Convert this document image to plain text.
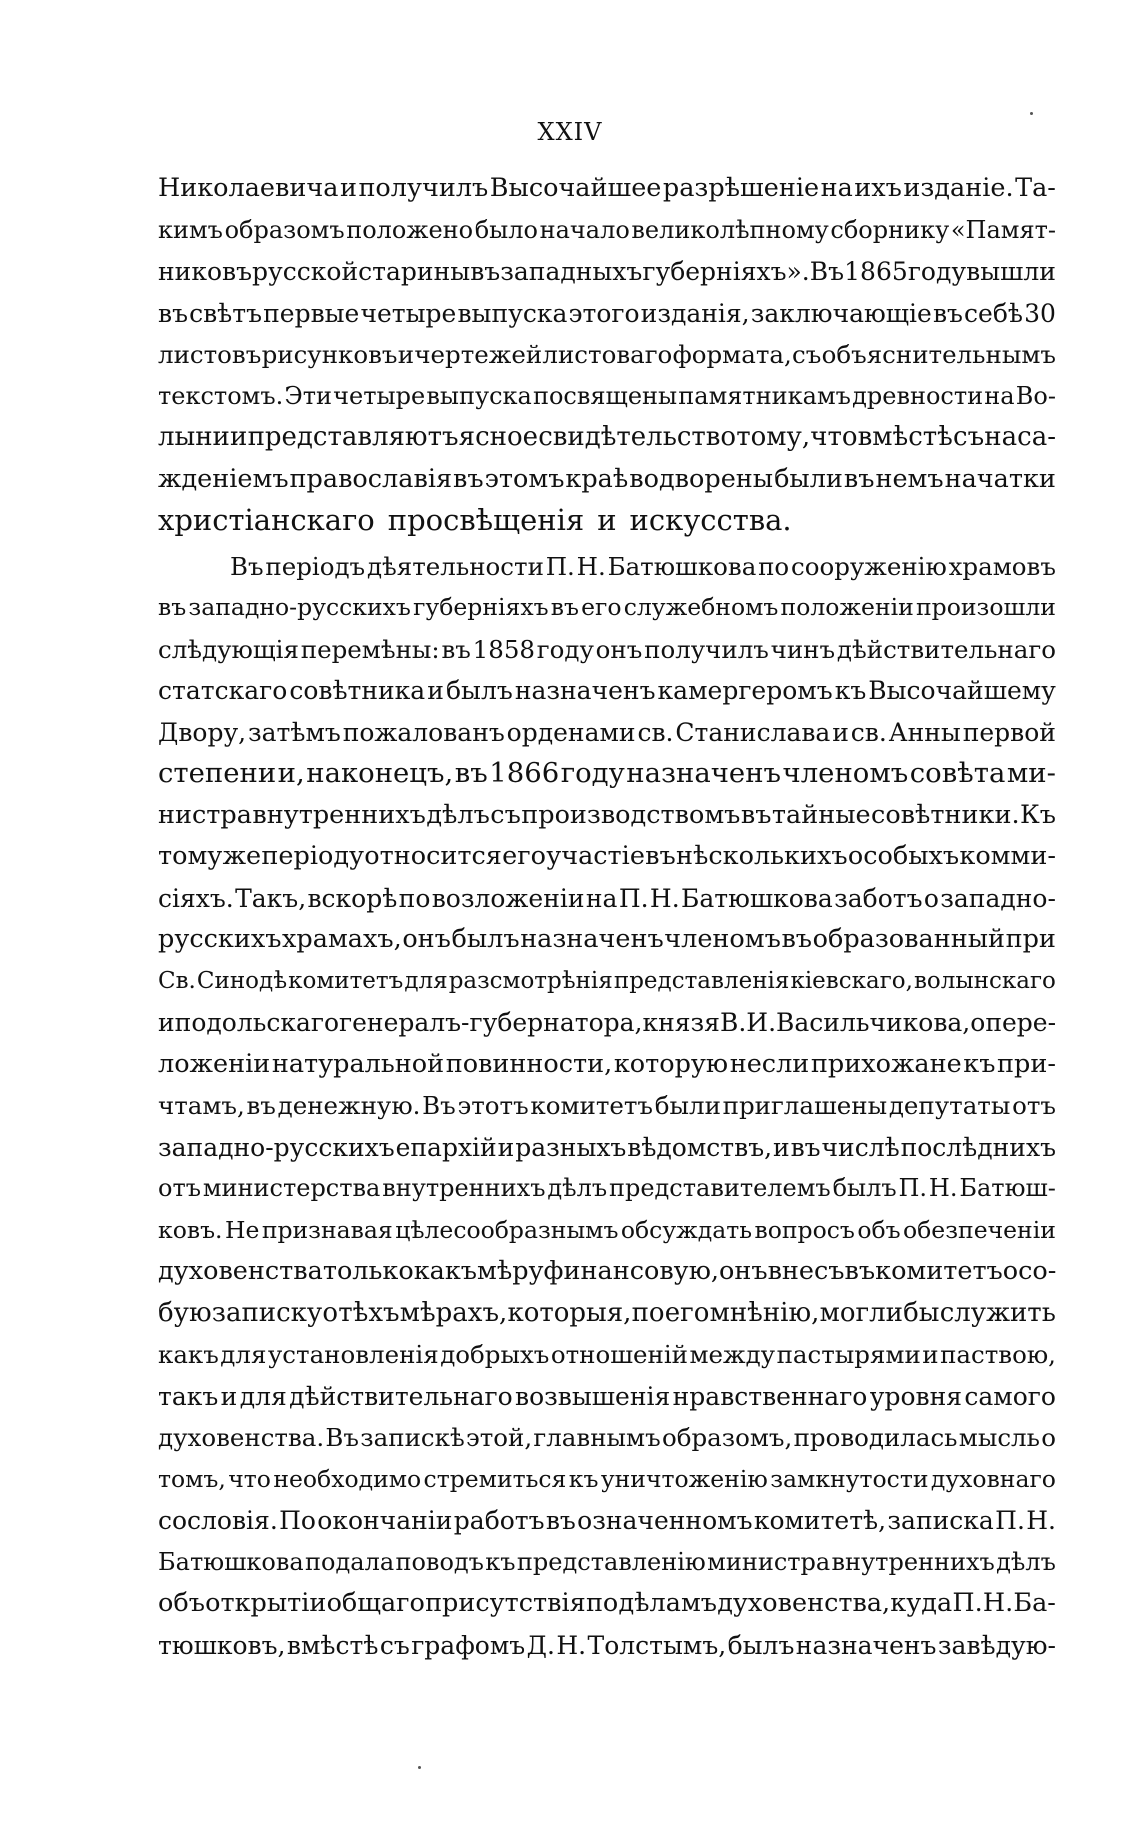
XXIV
Николаевича и получилъ Высочайшее разрѣшеніе на ихъ изданіе. Та-
кимъ образомъ положено было начало великолѣпному сборнику «Памят-
никовъ русской старины въ западныхъ губерніяхъ». Въ 1865 году вышли
въ свѣтъ первые четыре выпуска этого изданія, заключающіе въ себѣ 30
листовъ рисунковъ и чертежей листоваго формата, съ объяснительнымъ
текстомъ. Эти четыре выпуска посвящены памятникамъ древности на Во-
лыни и представляютъ ясное свидѣтельство тому, что вмѣстѣ съ наса-
жденіемъ православія въ этомъ краѣ водворены были въ немъ начатки
христіанскаго просвѣщенія и искусства.
Въ періодъ дѣятельности П. Н. Батюшкова по сооруженію храмовъ
въ западно-русскихъ губерніяхъ въ его служебномъ положеніи произошли
слѣдующія перемѣны: въ 1858 году онъ получилъ чинъ дѣйствительнаго
статскаго совѣтника и былъ назначенъ камергеромъ къ Высочайшему
Двору, затѣмъ пожалованъ орденами св. Станислава и св. Анны первой
степени и, наконецъ, въ 1866 году назначенъ членомъ совѣта ми-
нистра внутреннихъ дѣлъ съ производствомъ въ тайные совѣтники. Къ
тому же періоду относится его участіе въ нѣсколькихъ особыхъ комми-
сіяхъ. Такъ, вскорѣ по возложеніи на П. Н. Батюшкова заботъ о западно-
русскихъ храмахъ, онъ былъ назначенъ членомъ въ образованный при
Св. Синодѣ комитетъ для разсмотрѣнія представленія кіевскаго, волынскаго
и подольскаго генералъ-губернатора, князя В. И. Васильчикова, о пере-
ложеніи натуральной повинности, которую несли прихожане къ при-
чтамъ, въ денежную. Въ этотъ комитетъ были приглашены депутаты отъ
западно-русскихъ епархій и разныхъ вѣдомствъ, и въ числѣ послѣднихъ
отъ министерства внутреннихъ дѣлъ представителемъ былъ П. Н. Батюш-
ковъ. Не признавая цѣлесообразнымъ обсуждать вопросъ объ обезпеченіи
духовенства только какъ мѣру финансовую, онъ внесъ въ комитетъ осо-
бую записку о тѣхъ мѣрахъ, которыя, по его мнѣнію, могли бы служить
какъ для установленія добрыхъ отношеній между пастырями и паствою,
такъ и для дѣйствительнаго возвышенія нравственнаго уровня самого
духовенства. Въ запискѣ этой, главнымъ образомъ, проводилась мысль о
томъ, что необходимо стремиться къ уничтоженію замкнутости духовнаго
сословія. По окончаніи работъ въ означенномъ комитетѣ, записка П. Н.
Батюшкова подала поводъ къ представленію министра внутреннихъ дѣлъ
объ открытіи общаго присутствія по дѣламъ духовенства, куда П. Н. Ба-
тюшковъ, вмѣстѣ съ графомъ Д. Н. Толстымъ, былъ назначенъ завѣдую-
